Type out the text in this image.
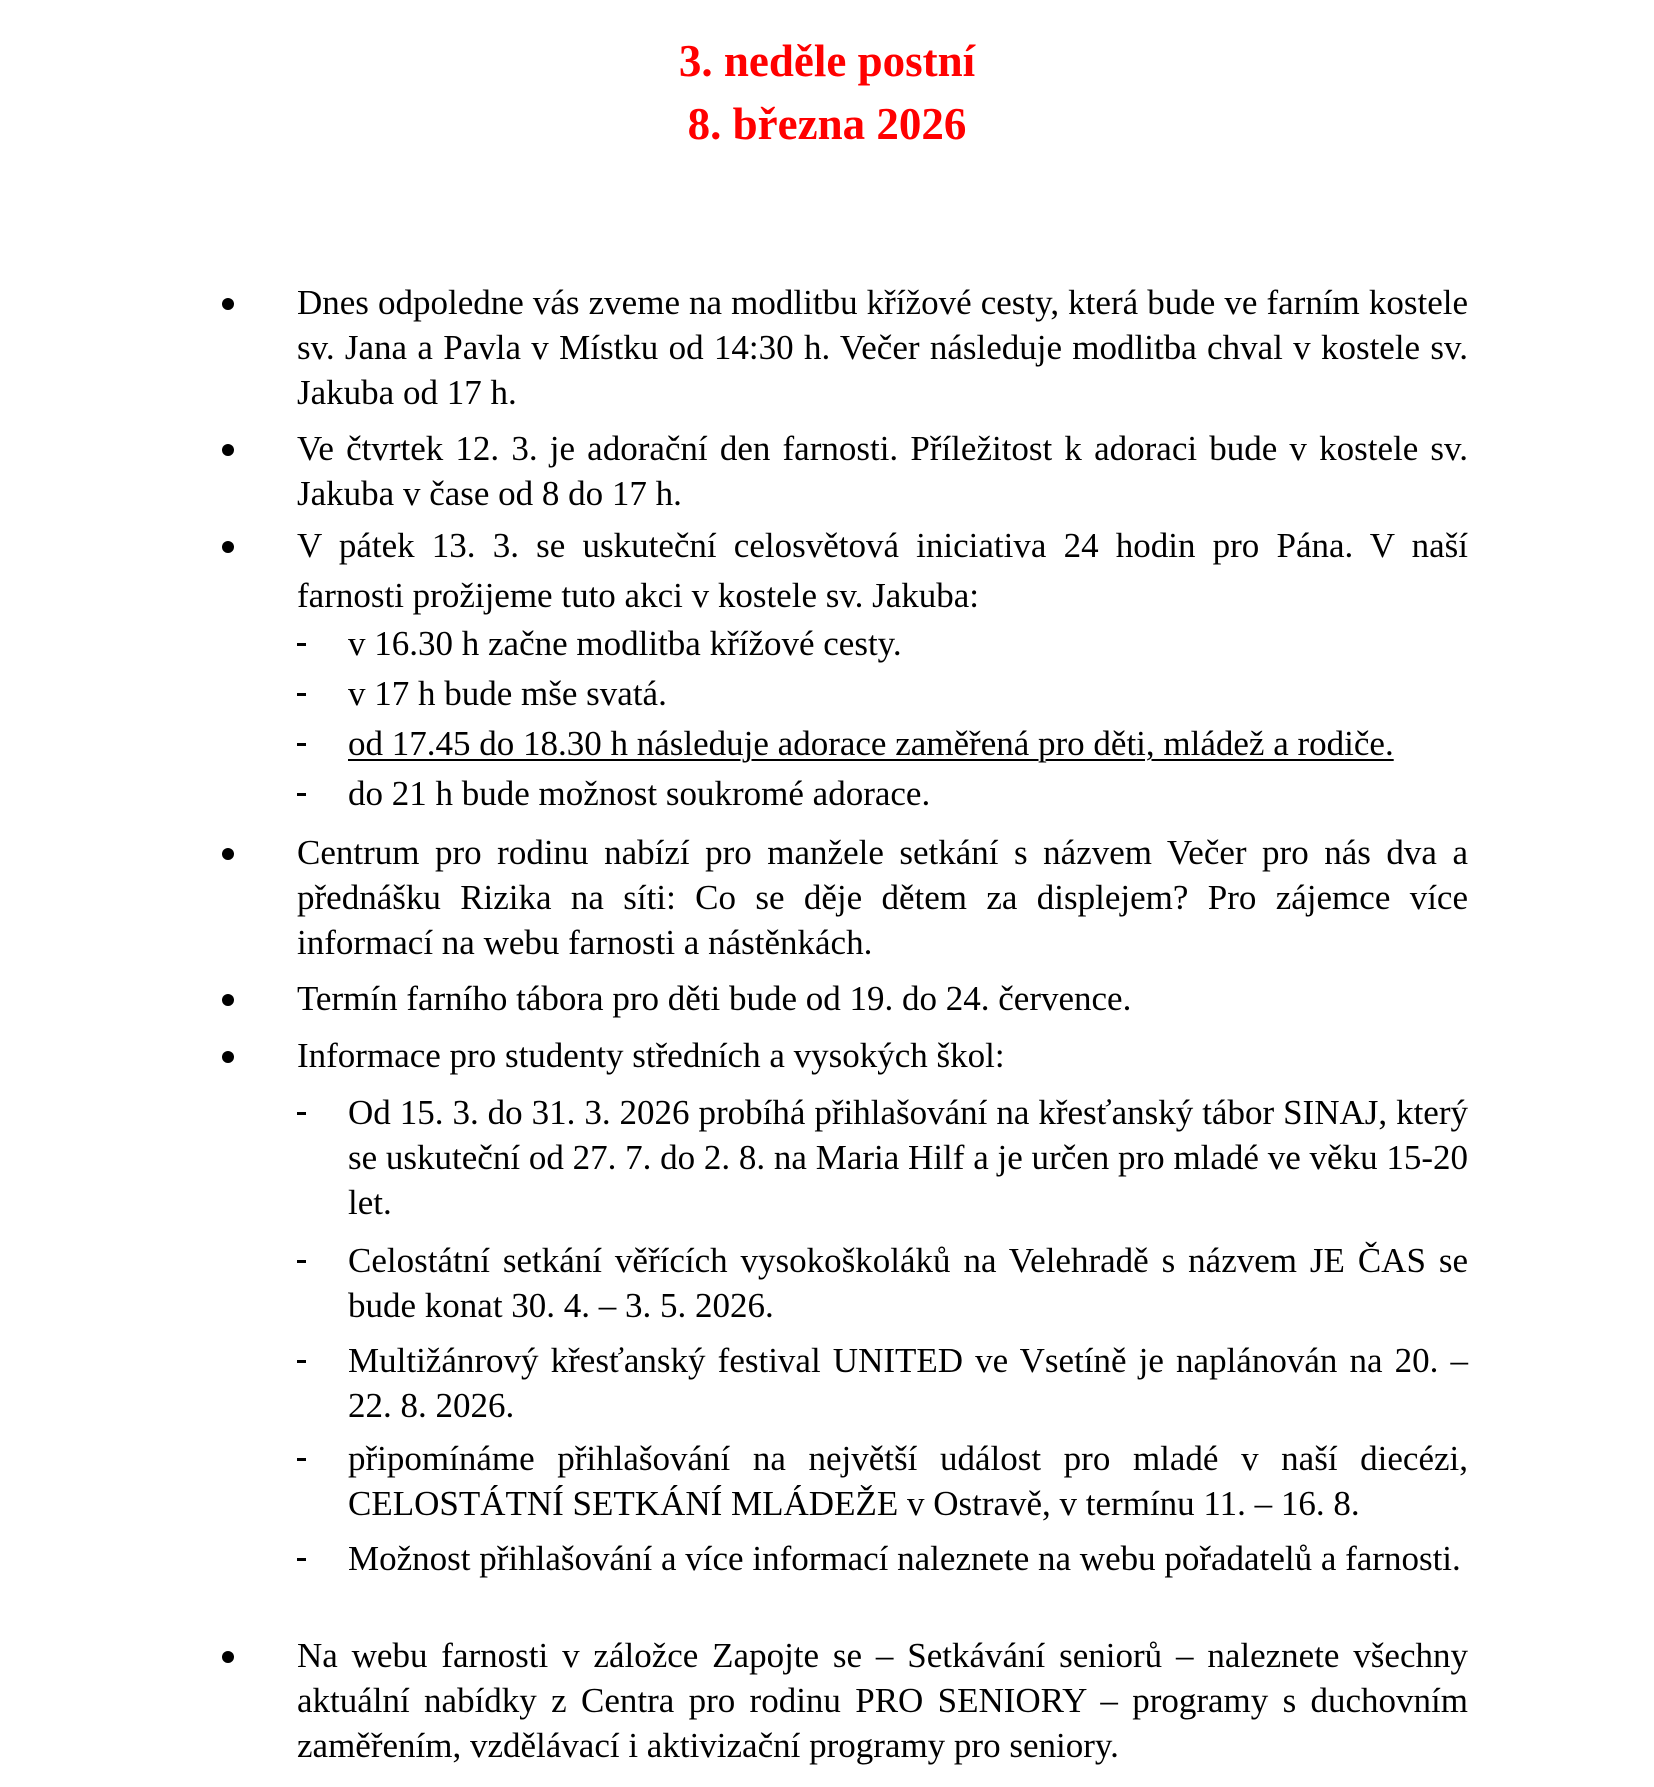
3. neděle postní
8. března 2026
Dnes odpoledne vás zveme na modlitbu křížové cesty, která bude ve farním kostele sv. Jana a Pavla v Místku od 14:30 h. Večer následuje modlitba chval v kostele sv. Jakuba od 17 h.
Ve čtvrtek 12. 3. je adorační den farnosti. Příležitost k adoraci bude v kostele sv. Jakuba v čase od 8 do 17 h.
V pátek 13. 3. se uskuteční celosvětová iniciativa 24 hodin pro Pána. V naší farnosti prožijeme tuto akci v kostele sv. Jakuba:
v 16.30 h začne modlitba křížové cesty.
v 17 h bude mše svatá.
od 17.45 do 18.30 h následuje adorace zaměřená pro děti, mládež a rodiče.
do 21 h bude možnost soukromé adorace.
Centrum pro rodinu nabízí pro manžele setkání s názvem Večer pro nás dva a přednášku Rizika na síti: Co se děje dětem za displejem? Pro zájemce více informací na webu farnosti a nástěnkách.
Termín farního tábora pro děti bude od 19. do 24. července.
Informace pro studenty středních a vysokých škol:
Od 15. 3. do 31. 3. 2026 probíhá přihlašování na křesťanský tábor SINAJ, který se uskuteční od 27. 7. do 2. 8. na Maria Hilf a je určen pro mladé ve věku 15-20 let.
Celostátní setkání věřících vysokoškoláků na Velehradě s názvem JE ČAS se bude konat 30. 4. – 3. 5. 2026.
Multižánrový křesťanský festival UNITED ve Vsetíně je naplánován na 20. – 22. 8. 2026.
připomínáme přihlašování na největší událost pro mladé v naší diecézi, CELOSTÁTNÍ SETKÁNÍ MLÁDEŽE v Ostravě, v termínu 11. – 16. 8.
Možnost přihlašování a více informací naleznete na webu pořadatelů a farnosti.
Na webu farnosti v záložce Zapojte se – Setkávání seniorů – naleznete všechny aktuální nabídky z Centra pro rodinu PRO SENIORY – programy s duchovním zaměřením, vzdělávací i aktivizační programy pro seniory.
